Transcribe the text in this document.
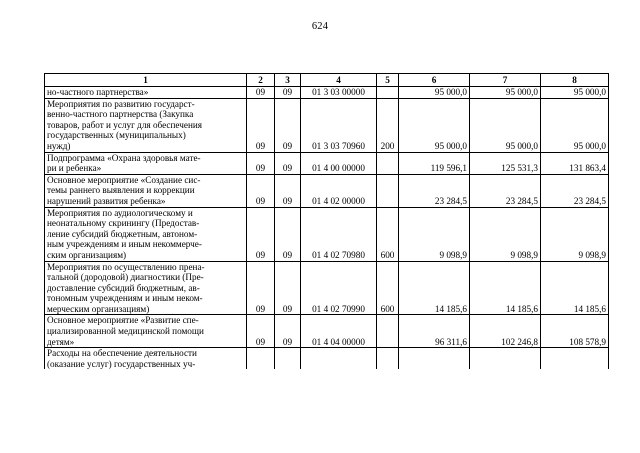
624
1	2	3	4	5	6	7	8
но-частного партнерства»	09	09	01 3 03 00000		95 000,0	95 000,0	95 000,0
Мероприятия по развитию государст-
венно-частного партнерства (Закупка
товаров, работ и услуг для обеспечения
государственных (муниципальных)
нужд)	09	09	01 3 03 70960	200	95 000,0	95 000,0	95 000,0
Подпрограмма «Охрана здоровья мате-
ри и ребенка»	09	09	01 4 00 00000		119 596,1	125 531,3	131 863,4
Основное мероприятие «Создание сис-
темы раннего выявления и коррекции
нарушений развития ребенка»	09	09	01 4 02 00000		23 284,5	23 284,5	23 284,5
Мероприятия по аудиологическому и
неонатальному скринингу (Предостав-
ление субсидий бюджетным, автоном-
ным учреждениям и иным некоммерче-
ским организациям)	09	09	01 4 02 70980	600	9 098,9	9 098,9	9 098,9
Мероприятия по осуществлению прена-
тальной (дородовой) диагностики (Пре-
доставление субсидий бюджетным, ав-
тономным учреждениям и иным неком-
мерческим организациям)	09	09	01 4 02 70990	600	14 185,6	14 185,6	14 185,6
Основное мероприятие «Развитие спе-
циализированной медицинской помощи
детям»	09	09	01 4 04 00000		96 311,6	102 246,8	108 578,9
Расходы на обеспечение деятельности
(оказание услуг) государственных уч-							
